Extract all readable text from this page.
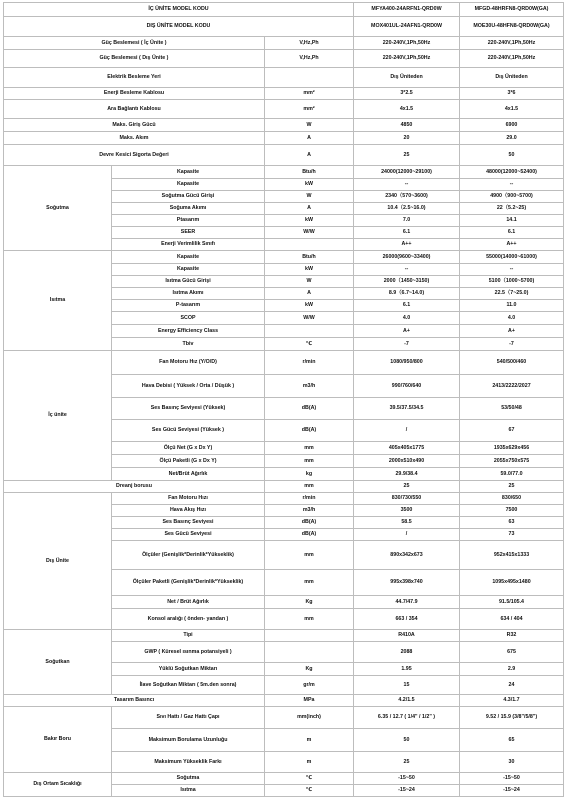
İÇ ÜNİTE MODEL KODU			MFYA400-24ARFN1-QRD0W	MFGD-48HRFN8-QRD0W(GA)
DIŞ ÜNİTE MODEL KODU			MOX401UL-24AFN1-QRD0W	MOE30U-48HFN8-QRD0W(GA)
Güç Beslemesi ( İç Ünite )		V,Hz,Ph	220-240V,1Ph,50Hz	220-240V,1Ph,50Hz
Güç Beslemesi ( Dış Ünite )		V,Hz,Ph	220-240V,1Ph,50Hz	220-240V,1Ph,50Hz
Elektrik Besleme Yeri			Dış Üniteden	Dış Üniteden
Enerji Besleme Kablosu		mm²	3*2.5	3*6
Ara Bağlantı Kablosu		mm²	4x1.5	4x1.5
Maks. Giriş Gücü		W	4850	6900
Maks. Akım		A	20	29.0
Devre Kesici Sigorta Değeri		A	25	50
Soğutma	Kapasite	Btu/h	24000(12000~29100)	48000(12000~52400)
	Kapasite	kW	--	--
	Soğutma Gücü Girişi	W	2340（570~3600)	4900（900~5700)
	Soğuma Akımı	A	10.4（2.5~16.0)	22（5.2~25)
	Ptasarım	kW	7.0	14.1
	SEER	W/W	6.1	6.1
	Enerji Verimlilik Sınıfı		A++	A++
Isıtma	Kapasite	Btu/h	26000(9600~33400)	55000(14000~61000)
	Kapasite	kW	--	--
	Isıtma Gücü Girişi	W	2000（1450~3150)	5100（1000~5700)
	Isıtma Akımı	A	8.9（6.7~14.0)	22.5（7~25.0)
	P-tasarım	kW	6.1	11.0
	SCOP	W/W	4.0	4.0
	Energy Efficiency Class		A+	A+
	Tbiv	℃	-7	-7
İç ünite	Fan Motoru Hız (Y/O/D)	r/min	1080/950/800	540/500/460
	Hava Debisi ( Yüksek / Orta / Düşük )	m3/h	990/760/640	2413/2222/2027
	Ses Basınç Seviyesi (Yüksek)	dB(A)	39.5/37.5/34.5	53/50/48
	Ses Gücü Seviyesi (Yüksek )	dB(A)	/	67
	Ölçü Net (G x Dx Y)	mm	405x405x1775	1935x629x456
	Ölçü Paketli (G x Dx Y)	mm	2000x510x490	2055x750x575
	Net/Brüt Ağırlık	kg	29.9/38.4	59.0/77.0
Dreanj borusu		mm	25	25
Dış Ünite	Fan Motoru Hızı	r/min	830/730/550	830/650
	Hava Akış Hızı	m3/h	3500	7500
	Ses Basınç Seviyesi	dB(A)	58.5	63
	Ses Gücü Seviyesi	dB(A)	/	73
	Ölçüler (Genişlik*Derinlik*Yükseklik)	mm	890x342x673	952x415x1333
	Ölçüler Paketli (Genişlik*Derinlik*Yükseklik)	mm	995x398x740	1095x495x1480
	Net / Brüt Ağırlık	Kg	44.7/47.9	91.5/105.4
	Konsol aralığı ( önden- yandan )	mm	663 / 354	634 / 404
Soğutkan	Tipi		R410A	R32
	GWP ( Küresel ısınma potansiyeli )		2088	675
	Yüklü Soğutkan Miktarı	Kg	1.95	2.9
	İlave Soğutkan Miktarı ( 5m.den sonra)	gr/m	15	24
Tasarım Basıncı		MPa	4.2/1.5	4.3/1.7
Bakır Boru	Sıvı Hattı / Gaz Hattı Çapı	mm(inch)	6.35 / 12.7 ( 1/4" / 1/2" )	9.52 / 15.9 (3/8"/5/8")
	Maksimum Borulama Uzunluğu	m	50	65
	Maksimum Yükseklik Farkı	m	25	30
Dış Ortam Sıcaklığı	Soğutma	℃	-15~50	-15~50
	Isıtma	℃	-15~24	-15~24
